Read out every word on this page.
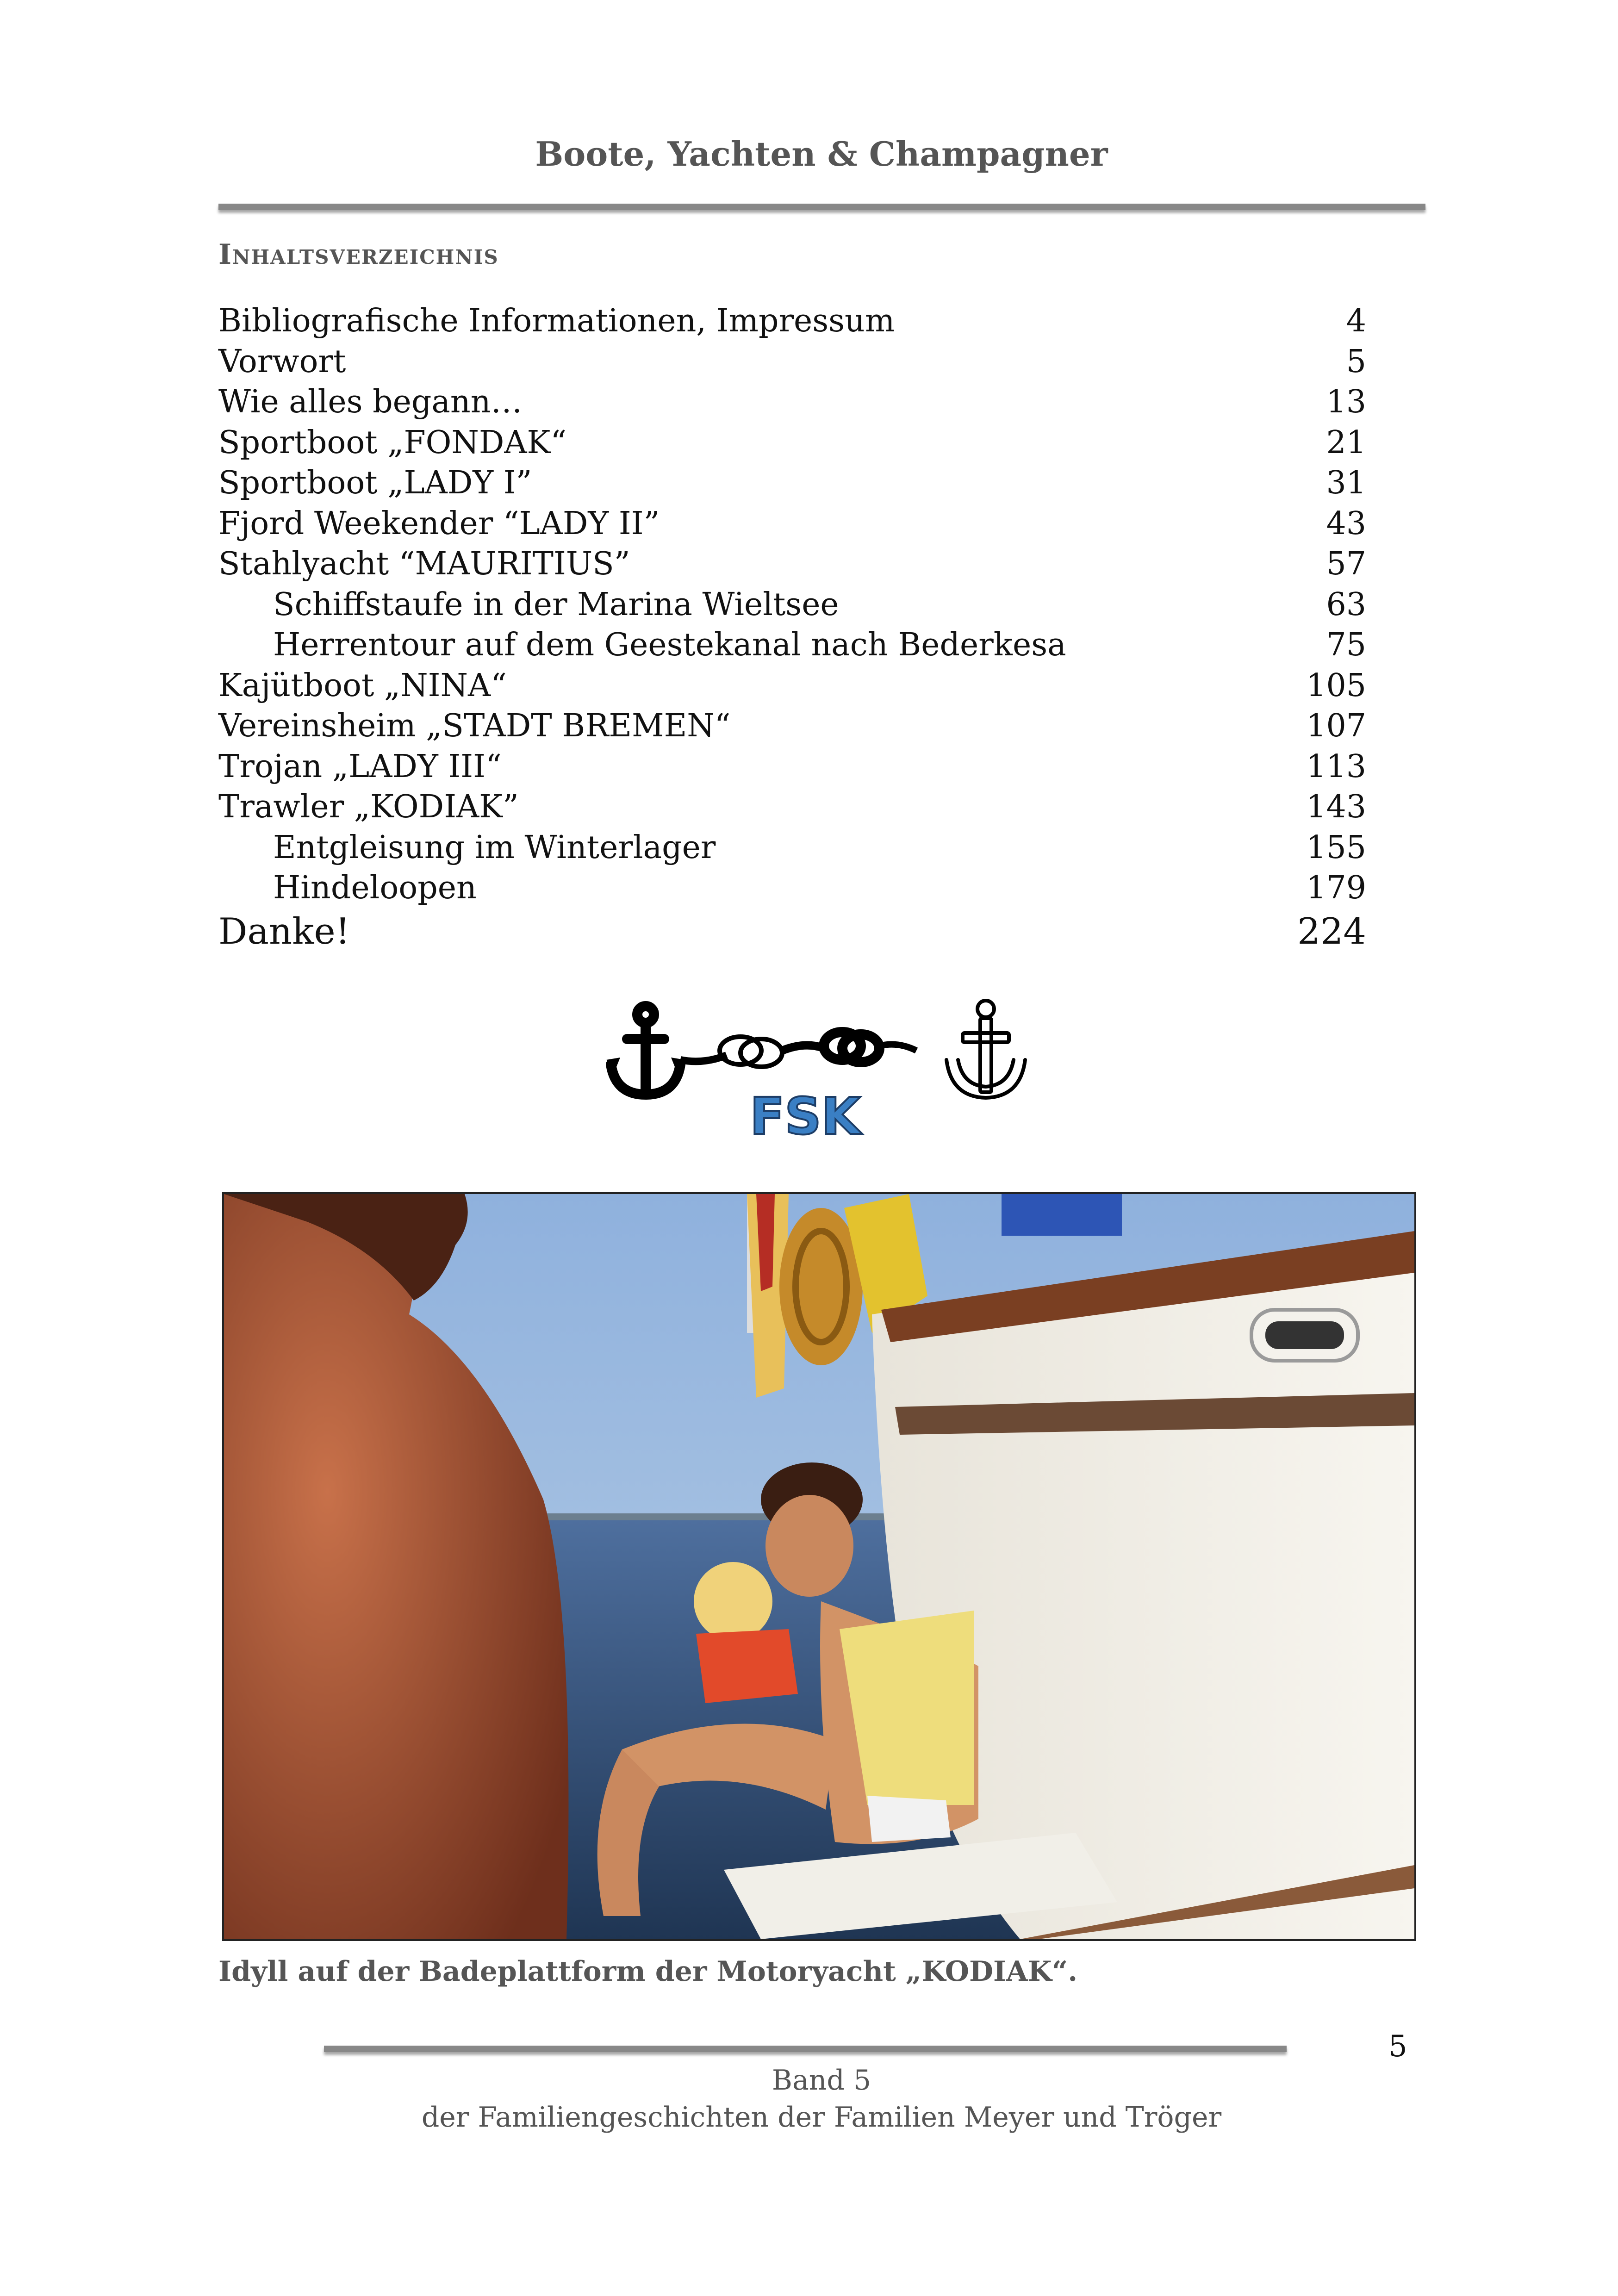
Boote, Yachten & Champagner
Inhaltsverzeichnis
Bibliografische Informationen, Impressum	4
Vorwort	5
Wie alles begann…	13
Sportboot „FONDAK“	21
Sportboot „LADY I”	31
Fjord Weekender “LADY II”	43
Stahlyacht “MAURITIUS”	57
Schiffstaufe in der Marina Wieltsee	63
Herrentour auf dem Geestekanal nach Bederkesa	75
Kajütboot „NINA“	105
Vereinsheim „STADT BREMEN“	107
Trojan „LADY III“	113
Trawler „KODIAK”	143
Entgleisung im Winterlager	155
Hindeloopen	179
Danke!	224
FSK
Idyll auf der Badeplattform der Motoryacht „KODIAK“.
5
Band 5
der Familiengeschichten der Familien Meyer und Tröger
